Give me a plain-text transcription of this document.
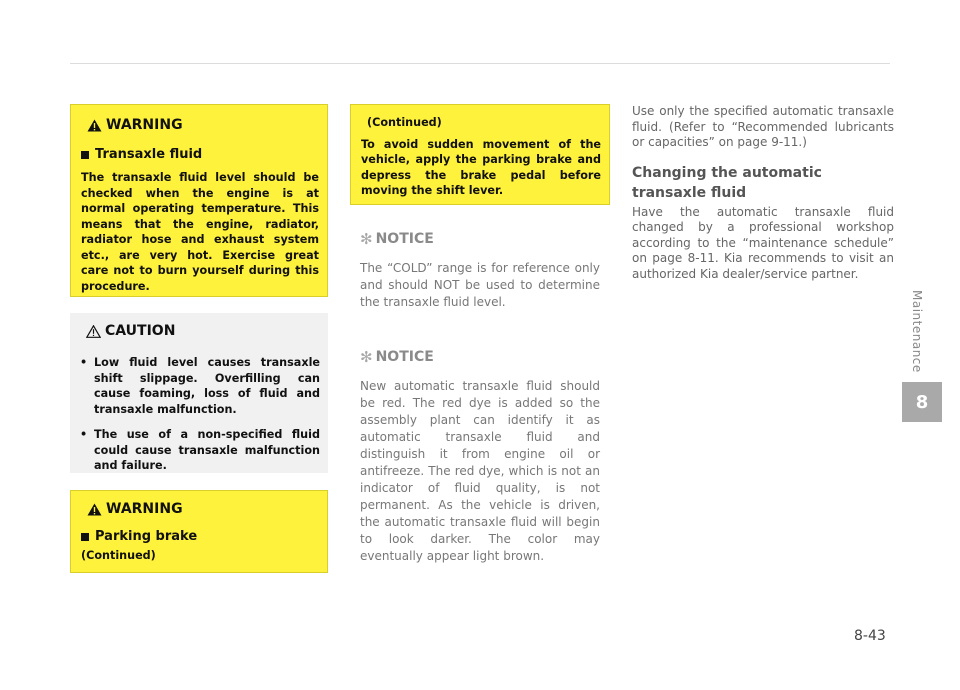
WARNING
Transaxle fluid
The transaxle fluid level should be checked when the engine is at normal operating temperature. This means that the engine, radiator, radiator hose and exhaust system etc., are very hot. Exercise great care not to burn yourself during this procedure.
CAUTION
• Low fluid level causes transaxle shift slippage. Overfilling can cause foaming, loss of fluid and transaxle malfunction.
• The use of a non-specified fluid could cause transaxle malfunction and failure.
WARNING
Parking brake
(Continued)
(Continued)
To avoid sudden movement of the vehicle, apply the parking brake and depress the brake pedal before moving the shift lever.
✻ NOTICE
The “COLD” range is for reference only and should NOT be used to determine the transaxle fluid level.
✻ NOTICE
New automatic transaxle fluid should be red. The red dye is added so the assembly plant can identify it as automatic transaxle fluid and distinguish it from engine oil or antifreeze. The red dye, which is not an indicator of fluid quality, is not permanent. As the vehicle is driven, the automatic transaxle fluid will begin to look darker. The color may eventually appear light brown.

Use only the specified automatic transaxle fluid. (Refer to “Recommended lubricants or capacities” on page 9-11.)

Changing the automatic transaxle fluid

Have the automatic transaxle fluid changed by a professional workshop according to the “maintenance schedule” on page 8-11. Kia recommends to visit an authorized Kia dealer/service partner.

Maintenance
8
8-43
